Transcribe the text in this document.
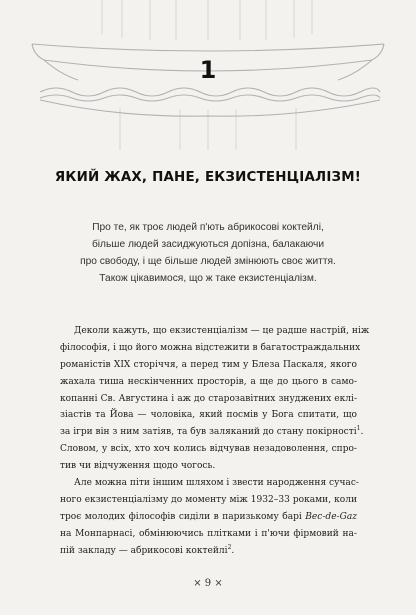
1
ЯКИЙ ЖАХ, ПАНЕ, ЕКЗИСТЕНЦІАЛІЗМ!
Про те, як троє людей п'ють абрикосові коктейлі,
більше людей засиджуються допізна, балакаючи
про свободу, і ще більше людей змінюють своє життя.
Також цікавимося, що ж таке екзистенціалізм.
Деколи кажуть, що екзистенціалізм — це радше настрій, ніж
філософія, і що його можна відстежити в багатостраждальних
романістів XIX сторіччя, а перед тим у Блеза Паскаля, якого
жахала тиша нескінченних просторів, а ще до цього в само-
копанні Св. Августина і аж до старозавітних знуджених еклі-
зіастів та Йова — чоловіка, який посмів у Бога спитати, що
за ігри він з ним затіяв, та був заляканий до стану покірності$^1$.
Словом, у всіх, хто хоч колись відчував незадоволення, спро-
тив чи відчуження щодо чогось.
Але можна піти іншим шляхом і звести народження сучас-
ного екзистенціалізму до моменту між 1932–33 роками, коли
троє молодих філософів сиділи в паризькому барі Bec-de-Gaz
на Монпарнасі, обмінюючись плітками і п'ючи фірмовий на-
пій закладу — абрикосові коктейлі$^2$.
× 9 ×
